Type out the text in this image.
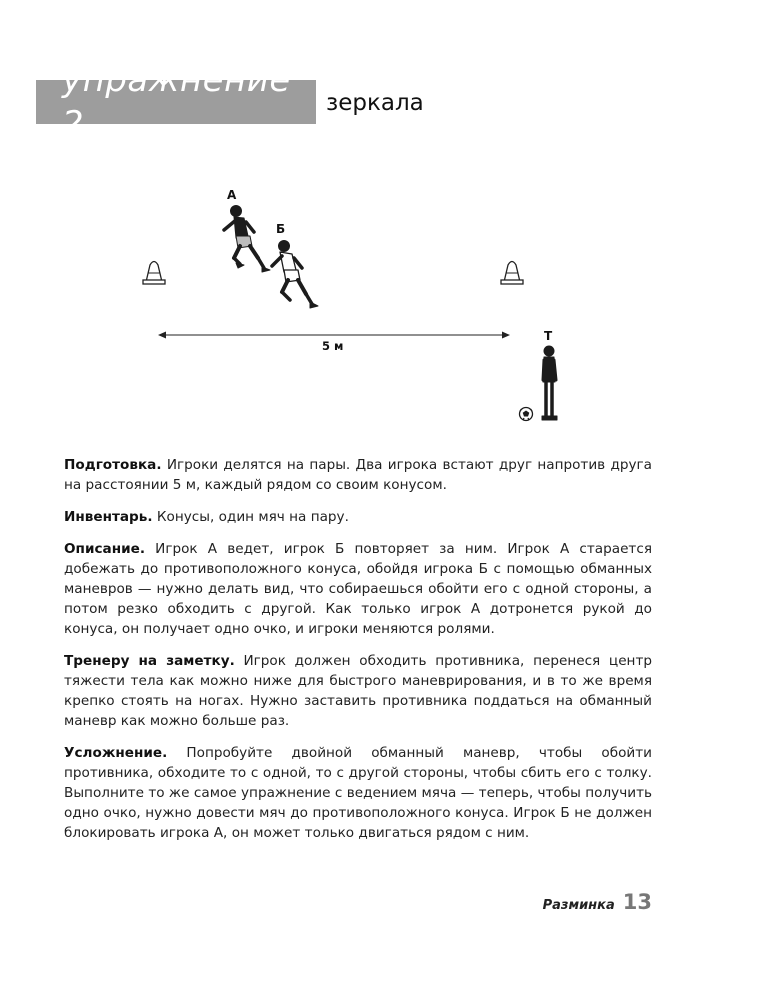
упражнение 2
зеркала
А
Б
5 м
Т

Подготовка. Игроки делятся на пары. Два игрока встают друг напротив друга на расстоянии 5 м, каждый рядом со своим конусом.

Инвентарь. Конусы, один мяч на пару.

Описание. Игрок А ведет, игрок Б повторяет за ним. Игрок А старается добежать до противоположного конуса, обойдя игрока Б с помощью обманных маневров — нужно делать вид, что собираешься обойти его с одной стороны, а потом резко обходить с другой. Как только игрок А дотронется рукой до конуса, он получает одно очко, и игроки меняются ролями.

Тренеру на заметку. Игрок должен обходить противника, перенеся центр тяжести тела как можно ниже для быстрого маневрирования, и в то же время крепко стоять на ногах. Нужно заставить противника поддаться на обманный маневр как можно больше раз.

Усложнение. Попробуйте двойной обманный маневр, чтобы обойти противника, обходите то с одной, то с другой стороны, чтобы сбить его с толку. Выполните то же самое упражнение с ведением мяча — теперь, чтобы получить одно очко, нужно довести мяч до противоположного конуса. Игрок Б не должен блокировать игрока А, он может только двигаться рядом с ним.

Разминка 13
